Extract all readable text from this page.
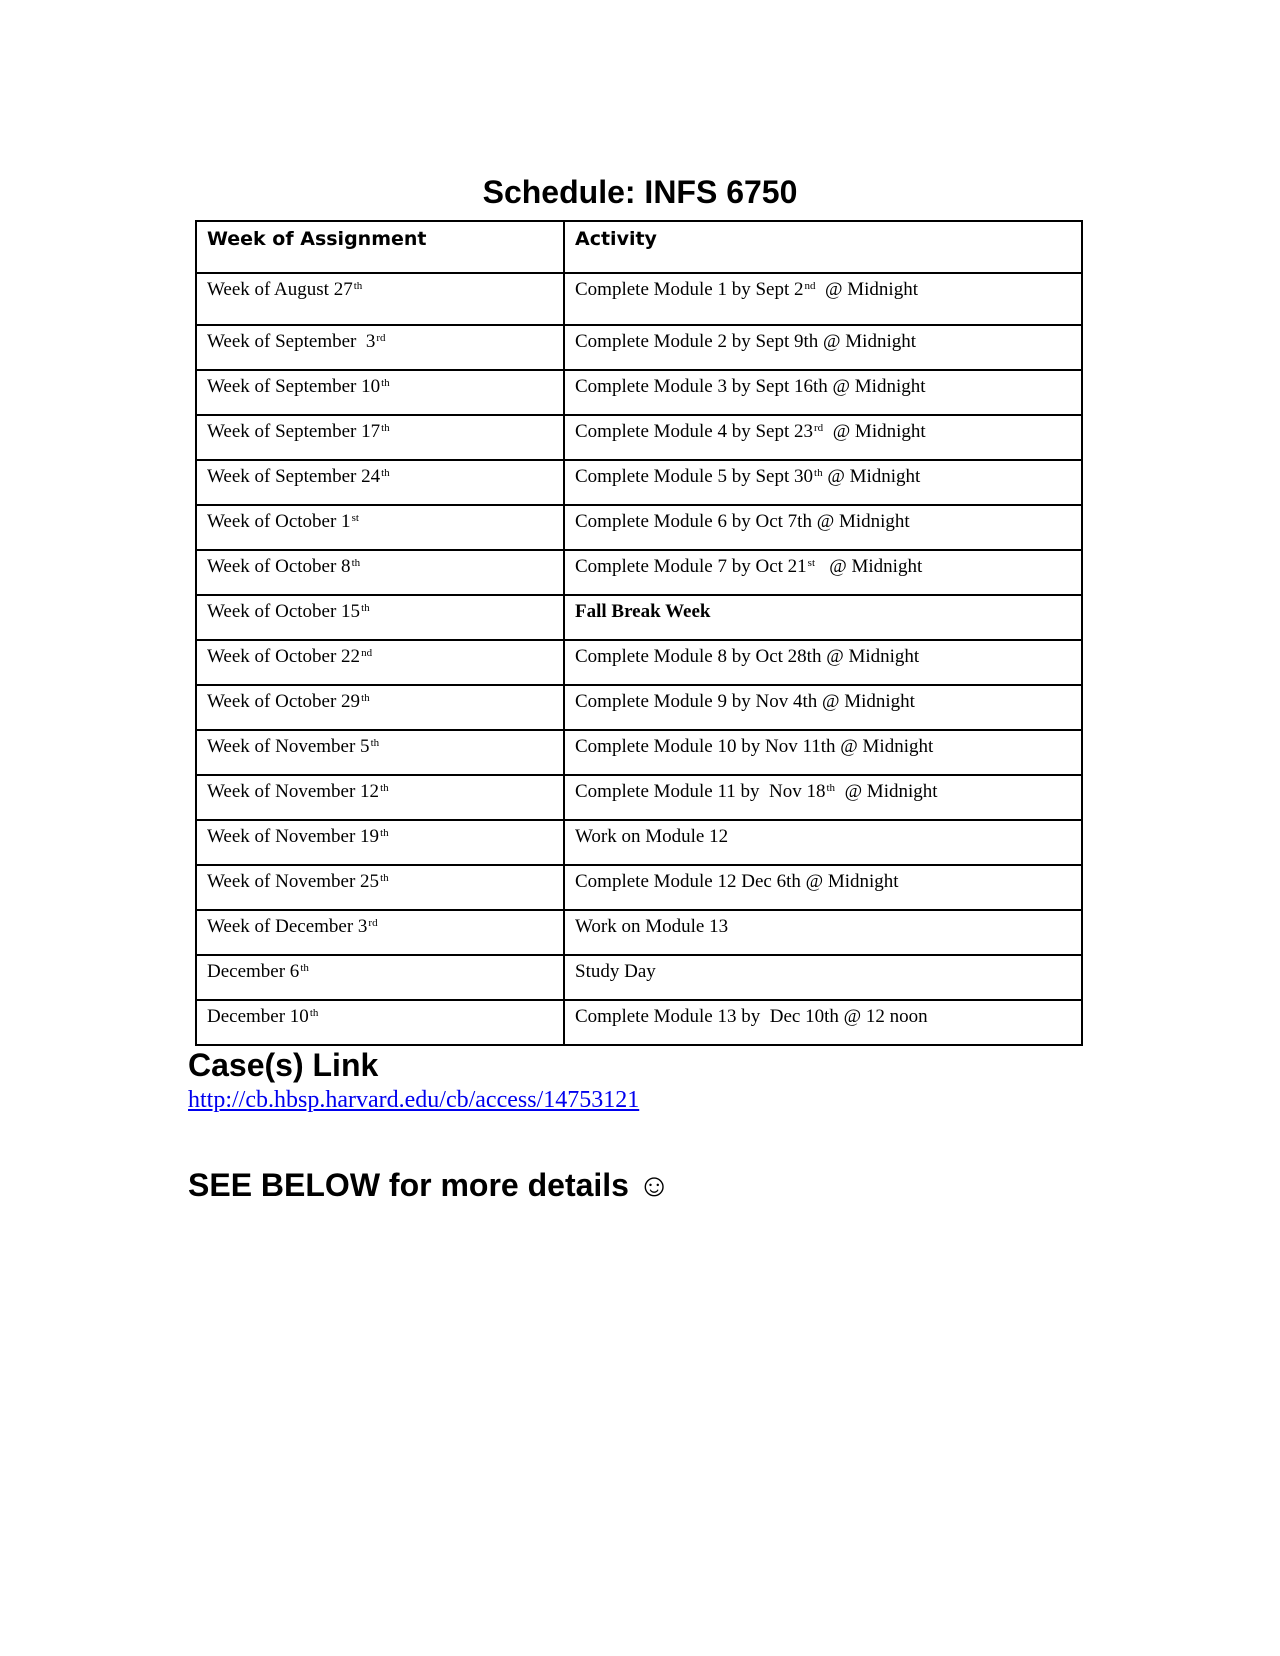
Schedule: INFS 6750
Week of Assignment	Activity
Week of August 27th	Complete Module 1 by Sept 2nd  @ Midnight
Week of September  3rd	Complete Module 2 by Sept 9th @ Midnight
Week of September 10th	Complete Module 3 by Sept 16th @ Midnight
Week of September 17th	Complete Module 4 by Sept 23rd  @ Midnight
Week of September 24th	Complete Module 5 by Sept 30th @ Midnight
Week of October 1st	Complete Module 6 by Oct 7th @ Midnight
Week of October 8th	Complete Module 7 by Oct 21st   @ Midnight
Week of October 15th	Fall Break Week
Week of October 22nd	Complete Module 8 by Oct 28th @ Midnight
Week of October 29th	Complete Module 9 by Nov 4th @ Midnight
Week of November 5th	Complete Module 10 by Nov 11th @ Midnight
Week of November 12th	Complete Module 11 by  Nov 18th  @ Midnight
Week of November 19th	Work on Module 12
Week of November 25th	Complete Module 12 Dec 6th @ Midnight
Week of December 3rd	Work on Module 13
December 6th	Study Day
December 10th	Complete Module 13 by  Dec 10th @ 12 noon
Case(s) Link
http://cb.hbsp.harvard.edu/cb/access/14753121
SEE BELOW for more details ☺
